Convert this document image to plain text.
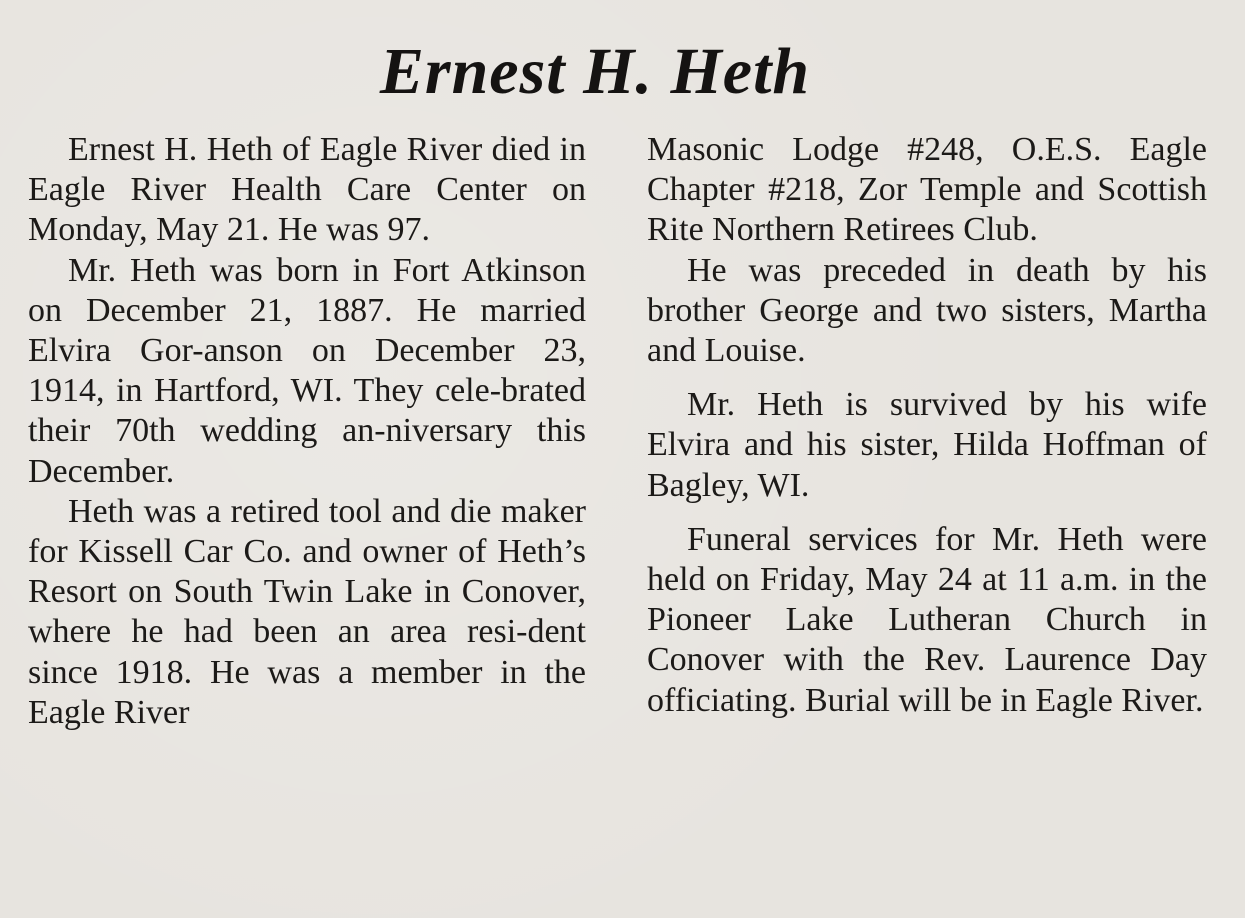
Ernest H. Heth

Ernest H. Heth of Eagle River died in Eagle River Health Care Center on Monday, May 21. He was 97.

Mr. Heth was born in Fort Atkinson on December 21, 1887. He married Elvira Gor-anson on December 23, 1914, in Hartford, WI. They cele-brated their 70th wedding an-niversary this December.

Heth was a retired tool and die maker for Kissell Car Co. and owner of Heth’s Resort on South Twin Lake in Conover, where he had been an area resi-dent since 1918. He was a member in the Eagle River

Masonic Lodge #248, O.E.S. Eagle Chapter #218, Zor Temple and Scottish Rite Northern Retirees Club.

He was preceded in death by his brother George and two sisters, Martha and Louise.

Mr. Heth is survived by his wife Elvira and his sister, Hilda Hoffman of Bagley, WI.

Funeral services for Mr. Heth were held on Friday, May 24 at 11 a.m. in the Pioneer Lake Lutheran Church in Conover with the Rev. Laurence Day officiating. Burial will be in Eagle River.
